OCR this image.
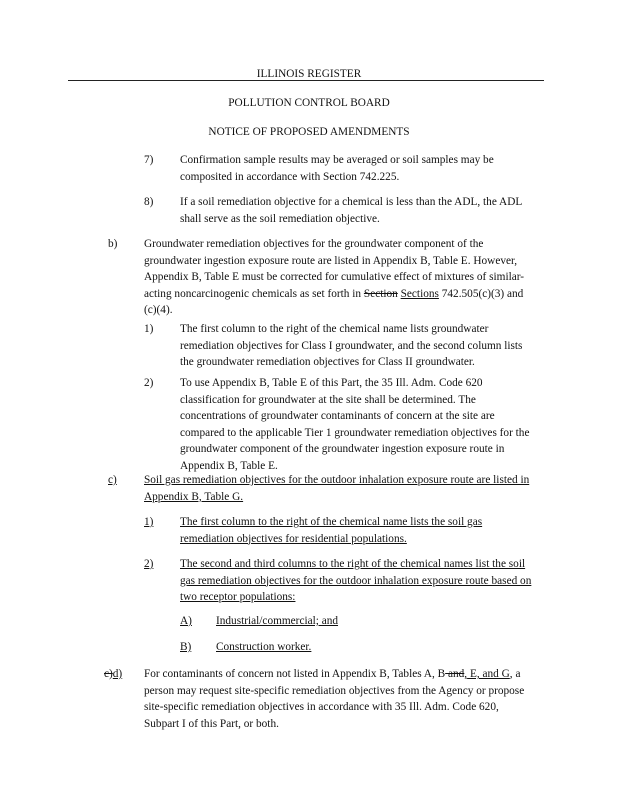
ILLINOIS REGISTER
POLLUTION CONTROL BOARD
NOTICE OF PROPOSED AMENDMENTS
7) Confirmation sample results may be averaged or soil samples may be composited in accordance with Section 742.225.

8) If a soil remediation objective for a chemical is less than the ADL, the ADL shall serve as the soil remediation objective.

b) Groundwater remediation objectives for the groundwater component of the groundwater ingestion exposure route are listed in Appendix B, Table E. However, Appendix B, Table E must be corrected for cumulative effect of mixtures of similar-acting noncarcinogenic chemicals as set forth in Section Sections 742.505(c)(3) and (c)(4).

1) The first column to the right of the chemical name lists groundwater remediation objectives for Class I groundwater, and the second column lists the groundwater remediation objectives for Class II groundwater.

2) To use Appendix B, Table E of this Part, the 35 Ill. Adm. Code 620 classification for groundwater at the site shall be determined. The concentrations of groundwater contaminants of concern at the site are compared to the applicable Tier 1 groundwater remediation objectives for the groundwater component of the groundwater ingestion exposure route in Appendix B, Table E.

c) Soil gas remediation objectives for the outdoor inhalation exposure route are listed in Appendix B, Table G.

1) The first column to the right of the chemical name lists the soil gas remediation objectives for residential populations.

2) The second and third columns to the right of the chemical names list the soil gas remediation objectives for the outdoor inhalation exposure route based on two receptor populations:

A) Industrial/commercial; and

B) Construction worker.

c)d) For contaminants of concern not listed in Appendix B, Tables A, B and, E, and G, a person may request site-specific remediation objectives from the Agency or propose site-specific remediation objectives in accordance with 35 Ill. Adm. Code 620, Subpart I of this Part, or both.
